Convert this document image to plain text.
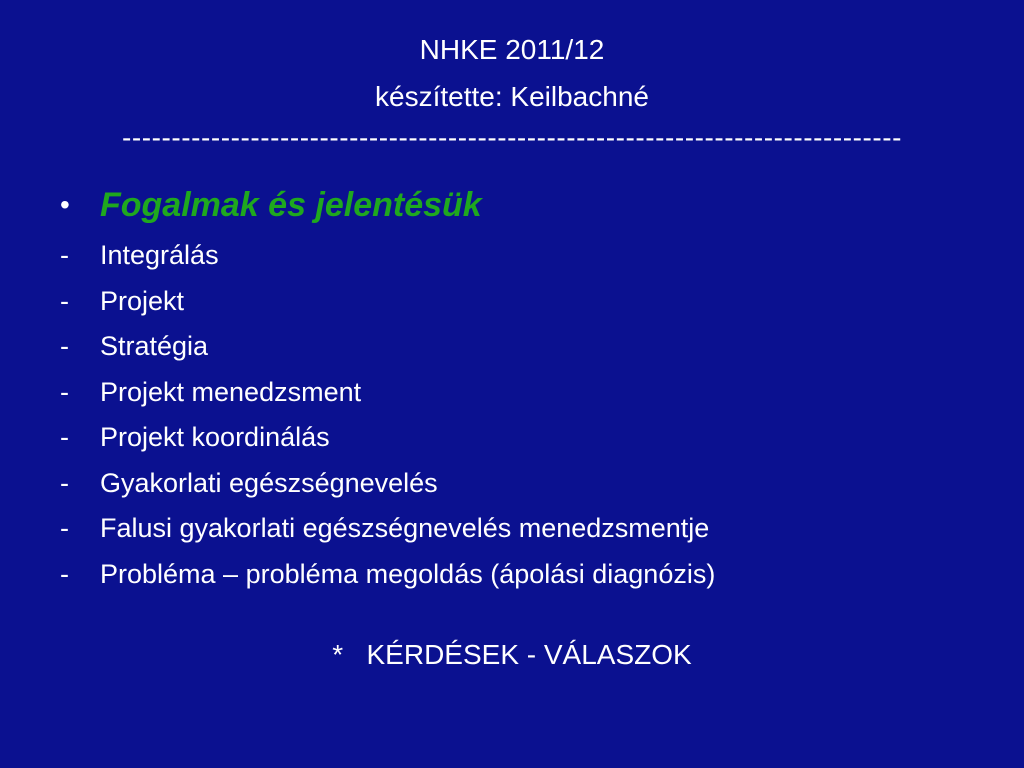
NHKE 2011/12
készítette: Keilbachné
-------------------------------------------------------------------------------
• Fogalmak és jelentésük
-	Integrálás
-	Projekt
-	Stratégia
-	Projekt menedzsment
-	Projekt koordinálás
-	Gyakorlati egészségnevelés
-	Falusi gyakorlati egészségnevelés menedzsmentje
-	Probléma – probléma megoldás (ápolási diagnózis)
*   KÉRDÉSEK - VÁLASZOK
